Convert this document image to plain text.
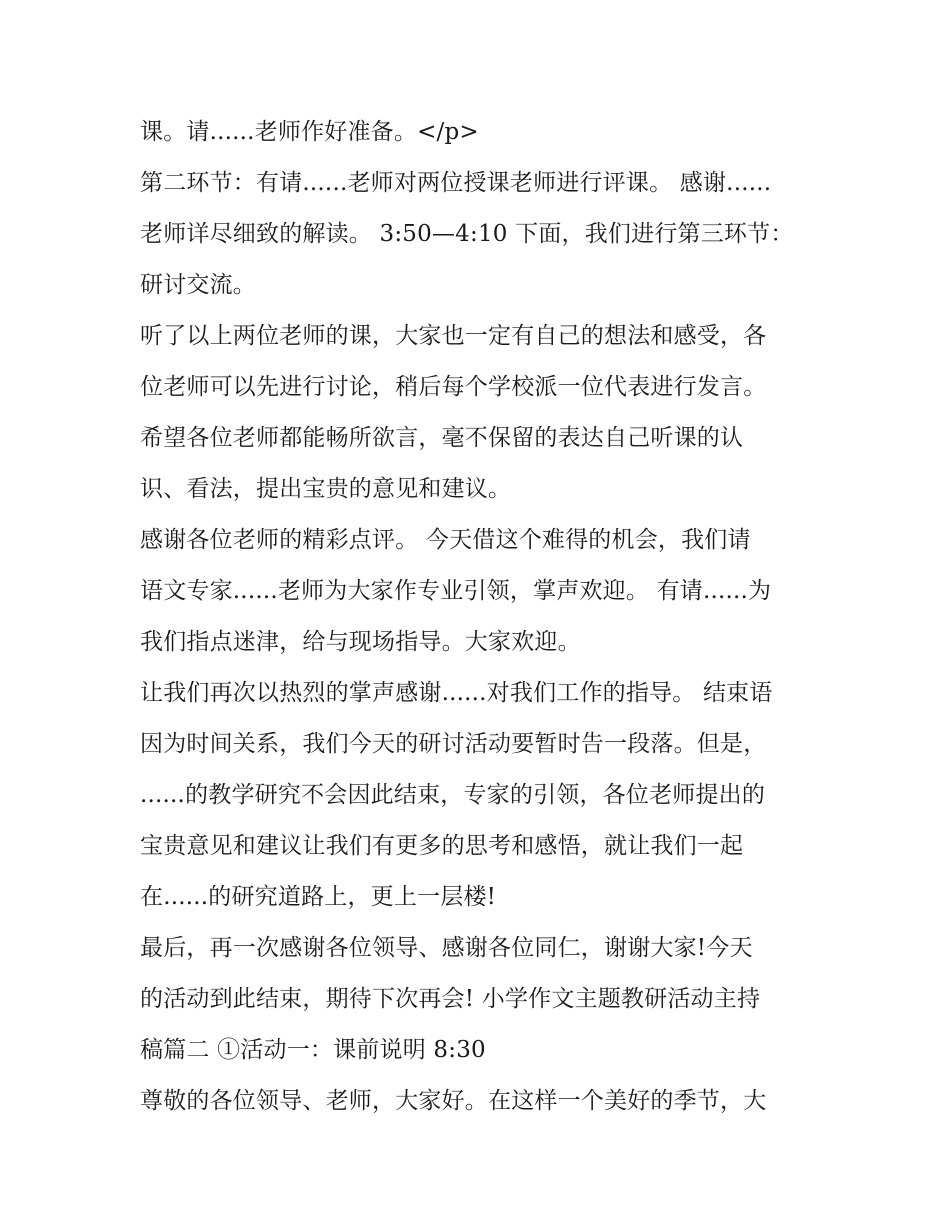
课。请......老师作好准备。</p>
第二环节：有请......老师对两位授课老师进行评课。 感谢......
老师详尽细致的解读。 3:50—4:10 下面，我们进行第三环节：
研讨交流。
听了以上两位老师的课，大家也一定有自己的想法和感受，各
位老师可以先进行讨论，稍后每个学校派一位代表进行发言。
希望各位老师都能畅所欲言，毫不保留的表达自己听课的认
识、看法，提出宝贵的意见和建议。
感谢各位老师的精彩点评。 今天借这个难得的机会，我们请
语文专家......老师为大家作专业引领，掌声欢迎。 有请......为
我们指点迷津，给与现场指导。大家欢迎。
让我们再次以热烈的掌声感谢......对我们工作的指导。 结束语
因为时间关系，我们今天的研讨活动要暂时告一段落。但是，
......的教学研究不会因此结束，专家的引领，各位老师提出的
宝贵意见和建议让我们有更多的思考和感悟，就让我们一起
在......的研究道路上，更上一层楼!
最后，再一次感谢各位领导、感谢各位同仁，谢谢大家!今天
的活动到此结束，期待下次再会! 小学作文主题教研活动主持
稿篇二 ①活动一：课前说明 8:30
尊敬的各位领导、老师，大家好。在这样一个美好的季节，大
